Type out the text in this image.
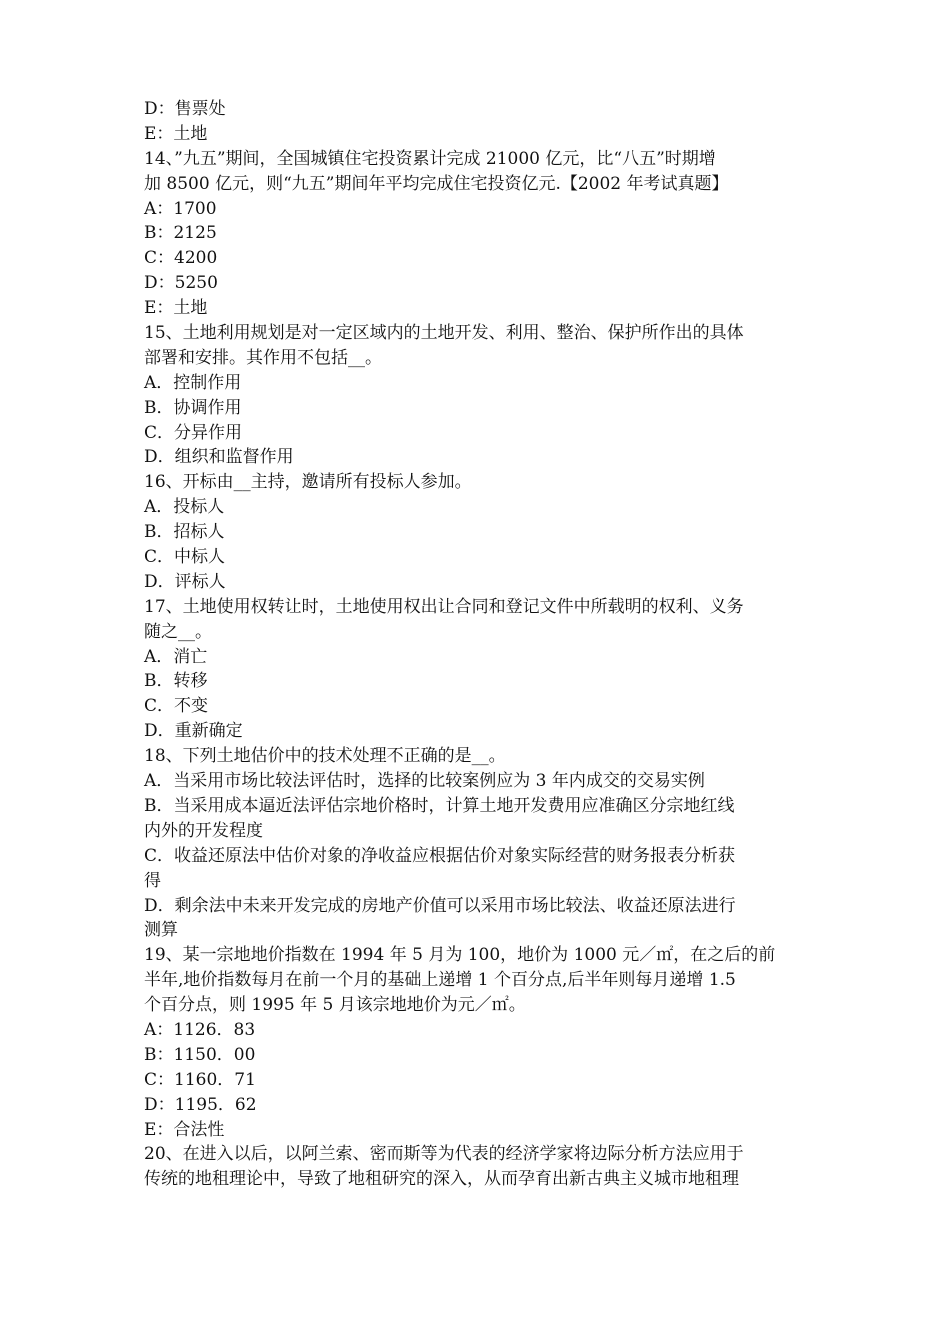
D：售票处
E：土地
14、”九五”期间，全国城镇住宅投资累计完成 21000 亿元，比“八五”时期增
加 8500 亿元，则“九五”期间年平均完成住宅投资亿元.【2002 年考试真题】
A：1700
B：2125
C：4200
D：5250
E：土地
15、土地利用规划是对一定区域内的土地开发、利用、整治、保护所作出的具体
部署和安排。其作用不包括__。
A．控制作用
B．协调作用
C．分异作用
D．组织和监督作用
16、开标由__主持，邀请所有投标人参加。
A．投标人
B．招标人
C．中标人
D．评标人
17、土地使用权转让时，土地使用权出让合同和登记文件中所载明的权利、义务
随之__。
A．消亡
B．转移
C．不变
D．重新确定
18、下列土地估价中的技术处理不正确的是__。
A．当采用市场比较法评估时，选择的比较案例应为 3 年内成交的交易实例
B．当采用成本逼近法评估宗地价格时，计算土地开发费用应准确区分宗地红线
内外的开发程度
C．收益还原法中估价对象的净收益应根据估价对象实际经营的财务报表分析获
得
D．剩余法中未来开发完成的房地产价值可以采用市场比较法、收益还原法进行
测算
19、某一宗地地价指数在 1994 年 5 月为 100，地价为 1000 元／㎡，在之后的前
半年,地价指数每月在前一个月的基础上递增 1 个百分点,后半年则每月递增 1.5
个百分点，则 1995 年 5 月该宗地地价为元／㎡。
A：1126．83
B：1150．00
C：1160．71
D：1195．62
E：合法性
20、在进入以后，以阿兰索、密而斯等为代表的经济学家将边际分析方法应用于
传统的地租理论中，导致了地租研究的深入，从而孕育出新古典主义城市地租理
